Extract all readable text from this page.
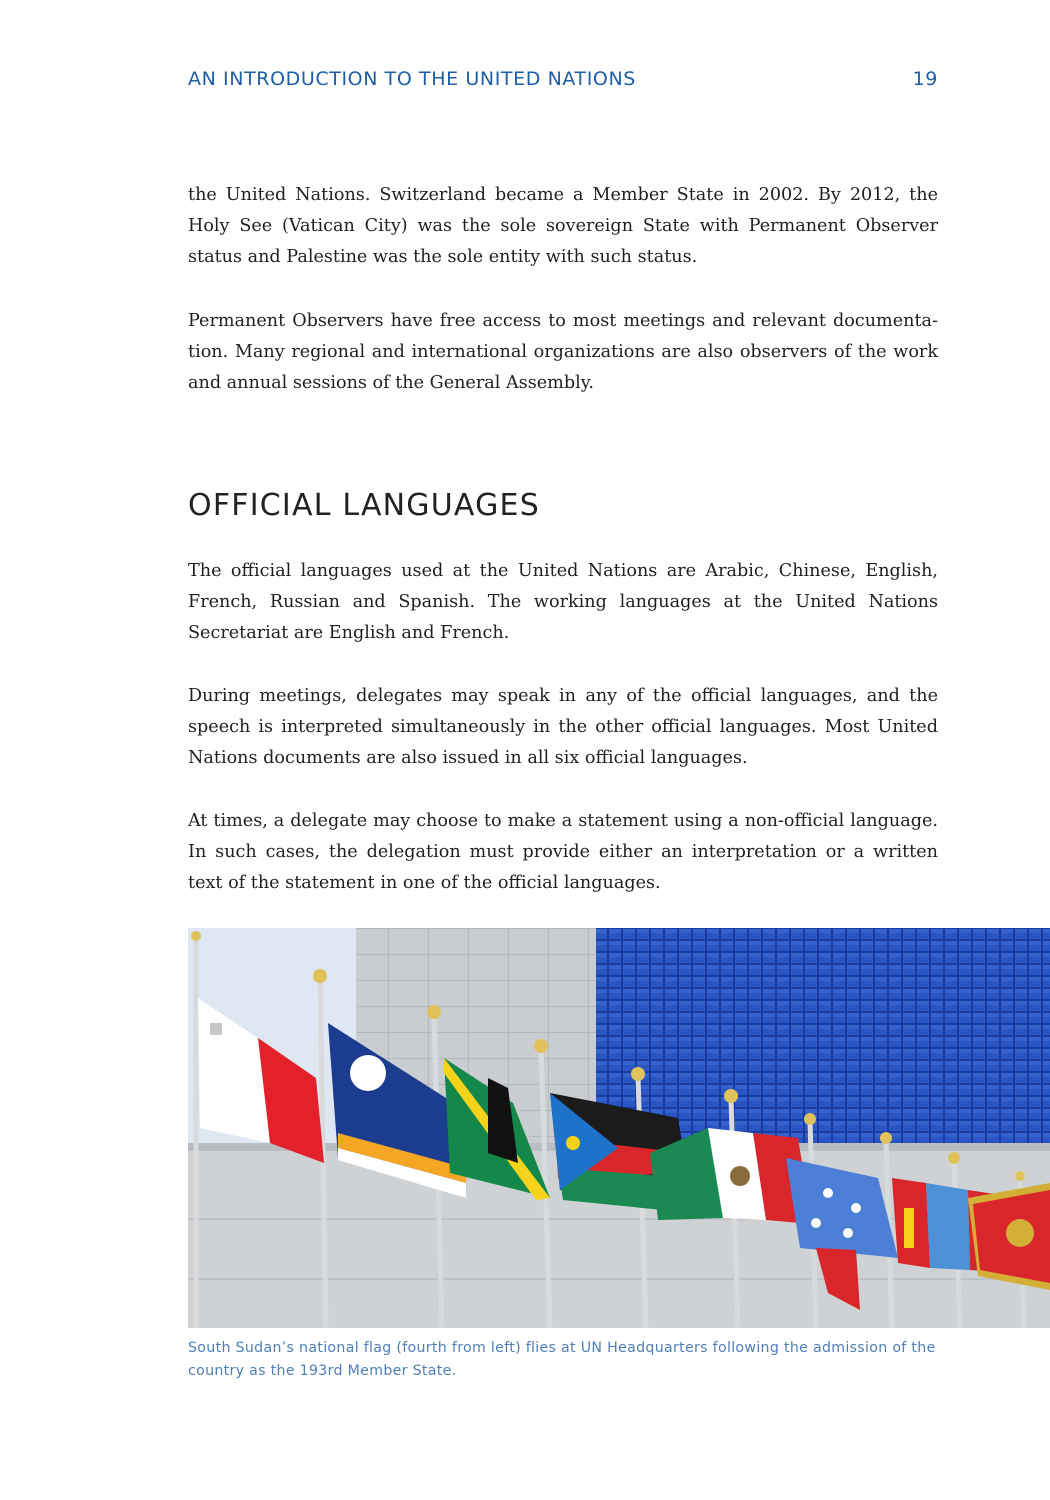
AN INTRODUCTION TO THE UNITED NATIONS	19

the United Nations. Switzerland became a Member State in 2002. By 2012, the Holy See (Vatican City) was the sole sovereign State with Permanent Observer status and Palestine was the sole entity with such status.

Permanent Observers have free access to most meetings and relevant documentation. Many regional and international organizations are also observers of the work and annual sessions of the General Assembly.

OFFICIAL LANGUAGES

The official languages used at the United Nations are Arabic, Chinese, English, French, Russian and Spanish. The working languages at the United Nations Secretariat are English and French.

During meetings, delegates may speak in any of the official languages, and the speech is interpreted simultaneously in the other official languages. Most United Nations documents are also issued in all six official languages.

At times, a delegate may choose to make a statement using a non-official language. In such cases, the delegation must provide either an interpretation or a written text of the statement in one of the official languages.

South Sudan’s national flag (fourth from left) flies at UN Headquarters following the admission of the country as the 193rd Member State.
